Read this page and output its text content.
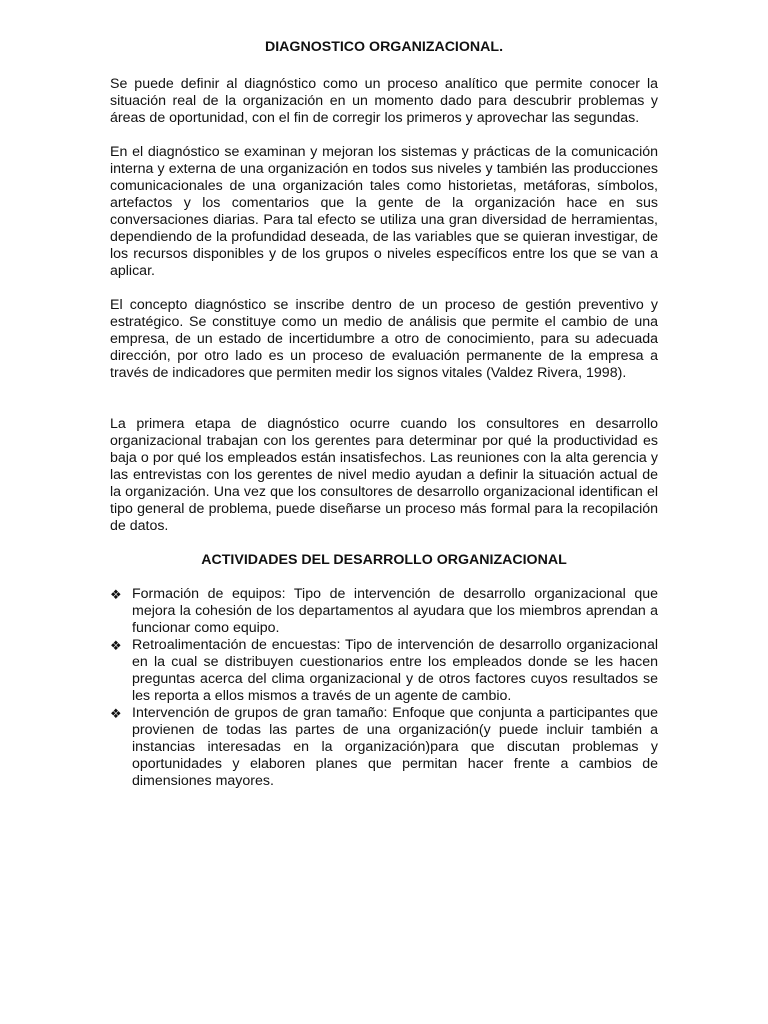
DIAGNOSTICO ORGANIZACIONAL.

Se puede definir al diagnóstico como un proceso analítico que permite conocer la situación real de la organización en un momento dado para descubrir problemas y áreas de oportunidad, con el fin de corregir los primeros y aprovechar las segundas.

En el diagnóstico se examinan y mejoran los sistemas y prácticas de la comunicación interna y externa de una organización en todos sus niveles y también las producciones comunicacionales de una organización tales como historietas, metáforas, símbolos, artefactos y los comentarios que la gente de la organización hace en sus conversaciones diarias. Para tal efecto se utiliza una gran diversidad de herramientas, dependiendo de la profundidad deseada, de las variables que se quieran investigar, de los recursos disponibles y de los grupos o niveles específicos entre los que se van a aplicar.

El concepto diagnóstico se inscribe dentro de un proceso de gestión preventivo y estratégico. Se constituye como un medio de análisis que permite el cambio de una empresa, de un estado de incertidumbre a otro de conocimiento, para su adecuada dirección, por otro lado es un proceso de evaluación permanente de la empresa a través de indicadores que permiten medir los signos vitales (Valdez Rivera, 1998).

La primera etapa de diagnóstico ocurre cuando los consultores en desarrollo organizacional trabajan con los gerentes para determinar por qué la productividad es baja o por qué los empleados están insatisfechos. Las reuniones con la alta gerencia y las entrevistas con los gerentes de nivel medio ayudan a definir la situación actual de la organización. Una vez que los consultores de desarrollo organizacional identifican el tipo general de problema, puede diseñarse un proceso más formal para la recopilación de datos.

ACTIVIDADES DEL DESARROLLO ORGANIZACIONAL
❖ Formación de equipos: Tipo de intervención de desarrollo organizacional que mejora la cohesión de los departamentos al ayudara que los miembros aprendan a funcionar como equipo.
❖ Retroalimentación de encuestas: Tipo de intervención de desarrollo organizacional en la cual se distribuyen cuestionarios entre los empleados donde se les hacen preguntas acerca del clima organizacional y de otros factores cuyos resultados se les reporta a ellos mismos a través de un agente de cambio.
❖ Intervención de grupos de gran tamaño: Enfoque que conjunta a participantes que provienen de todas las partes de una organización(y puede incluir también a instancias interesadas en la organización)para que discutan problemas y oportunidades y elaboren planes que permitan hacer frente a cambios de dimensiones mayores.
